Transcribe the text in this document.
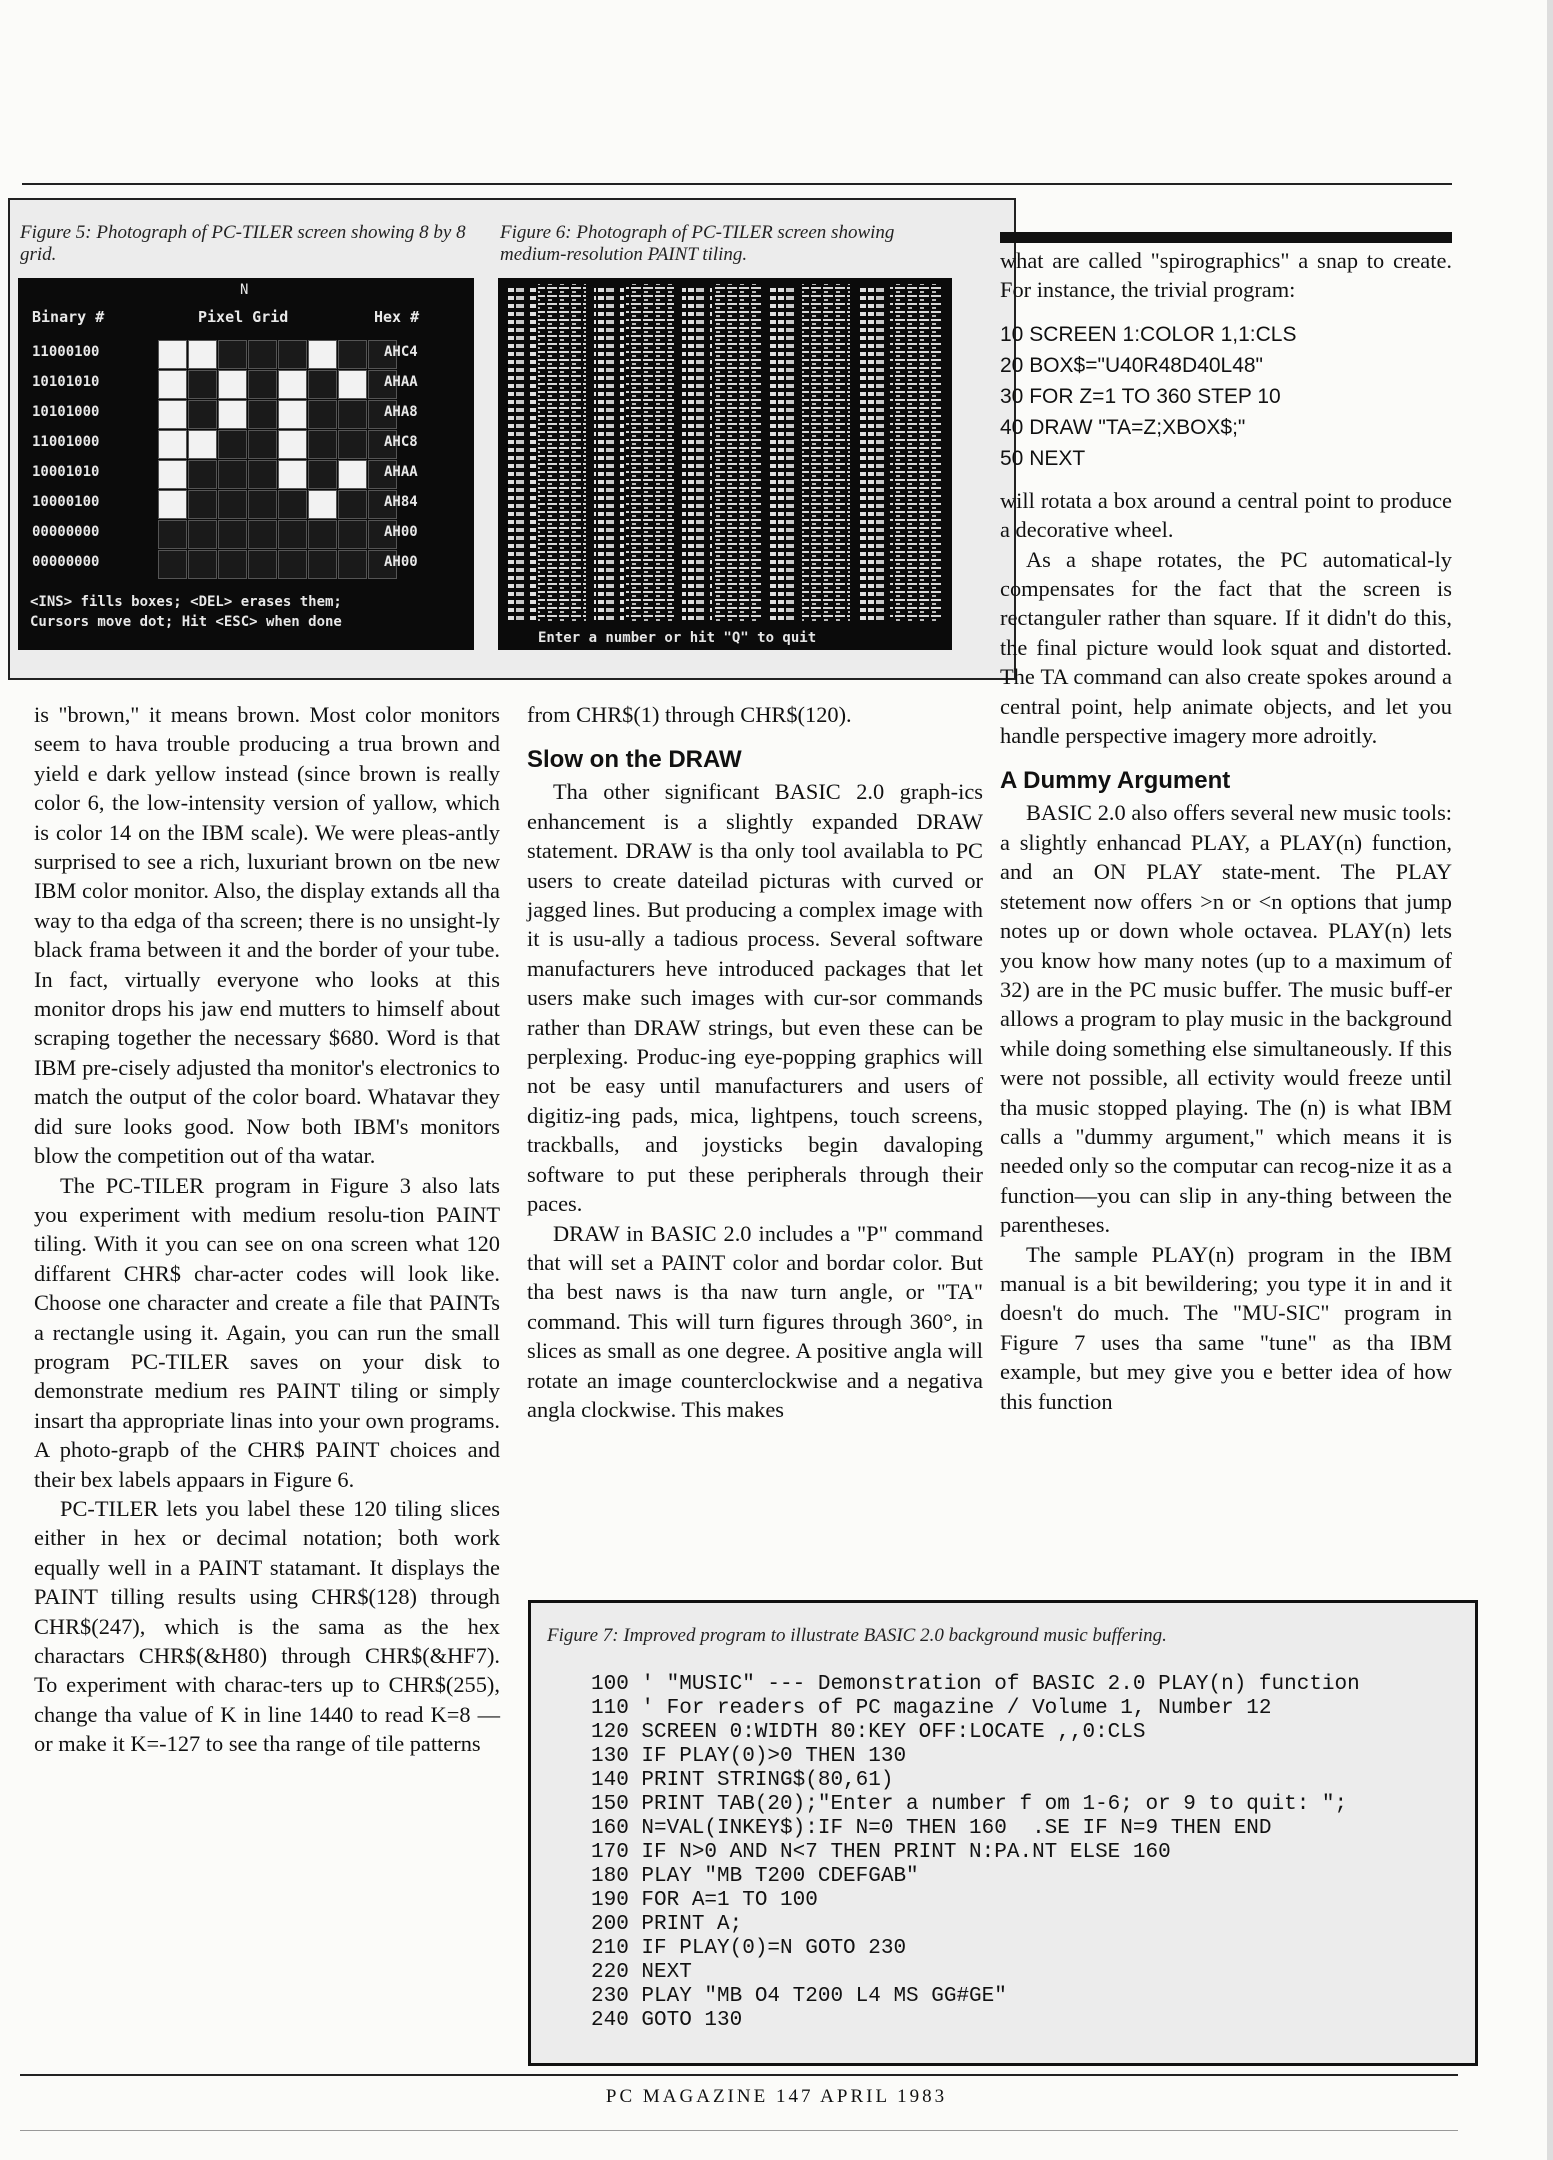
Figure 5: Photograph of PC-TILER screen showing 8 by 8 grid.
N
Binary #	Pixel Grid	Hex #
11000100
10101010
10101000
11001000
10001010
10000100
00000000
00000000
AHC4
AHAA
AHA8
AHC8
AHAA
AH84
AH00
AH00
<INS> fills boxes; <DEL> erases them;
Cursors move dot; Hit <ESC> when done
Figure 6: Photograph of PC-TILER screen showing medium-resolution PAINT tiling.
Enter a number or hit "Q" to quit

is "brown," it means brown. Most color monitors seem to hava trouble producing a trua brown and yield e dark yellow instead (since brown is really color 6, the low-intensity version of yallow, which is color 14 on the IBM scale). We were pleas-antly surprised to see a rich, luxuriant brown on tbe new IBM color monitor. Also, the display extands all tha way to tha edga of tha screen; there is no unsight-ly black frama between it and the border of your tube. In fact, virtually everyone who looks at this monitor drops his jaw end mutters to himself about scraping together the necessary $680. Word is that IBM pre-cisely adjusted tha monitor's electronics to match the output of the color board. Whatavar they did sure looks good. Now both IBM's monitors blow the competition out of tha watar.

The PC-TILER program in Figure 3 also lats you experiment with medium resolu-tion PAINT tiling. With it you can see on ona screen what 120 diffarent CHR$ char-acter codes will look like. Choose one character and create a file that PAINTs a rectangle using it. Again, you can run the small program PC-TILER saves on your disk to demonstrate medium res PAINT tiling or simply insart tha appropriate linas into your own programs. A photo-grapb of the CHR$ PAINT choices and their bex labels appaars in Figure 6.

PC-TILER lets you label these 120 tiling slices either in hex or decimal notation; both work equally well in a PAINT statamant. It displays the PAINT tilling results using CHR$(128) through CHR$(247), which is the sama as the hex charactars CHR$(&H80) through CHR$(&HF7). To experiment with charac-ters up to CHR$(255), change tha value of K in line 1440 to read K=8 —or make it K=-127 to see tha range of tile patterns

from CHR$(1) through CHR$(120).

Slow on the DRAW

Tha other significant BASIC 2.0 graph-ics enhancement is a slightly expanded DRAW statement. DRAW is tha only tool availabla to PC users to create dateilad picturas with curved or jagged lines. But producing a complex image with it is usu-ally a tadious process. Several software manufacturers heve introduced packages that let users make such images with cur-sor commands rather than DRAW strings, but even these can be perplexing. Produc-ing eye-popping graphics will not be easy until manufacturers and users of digitiz-ing pads, mica, lightpens, touch screens, trackballs, and joysticks begin davaloping software to put these peripherals through their paces.

DRAW in BASIC 2.0 includes a "P" command that will set a PAINT color and bordar color. But tha best naws is tha naw turn angle, or "TA" command. This will turn figures through 360°, in slices as small as one degree. A positive angla will rotate an image counterclockwise and a negativa angla clockwise. This makes

what are called "spirographics" a snap to create. For instance, the trivial program:

10 SCREEN 1:COLOR 1,1:CLS
20 BOX$="U40R48D40L48"
30 FOR Z=1 TO 360 STEP 10
40 DRAW "TA=Z;XBOX$;"
50 NEXT

will rotata a box around a central point to produce a decorative wheel.

As a shape rotates, the PC automatical-ly compensates for the fact that the screen is rectanguler rather than square. If it didn't do this, the final picture would look squat and distorted. The TA command can also create spokes around a central point, help animate objects, and let you handle perspective imagery more adroitly.

A Dummy Argument

BASIC 2.0 also offers several new music tools: a slightly enhancad PLAY, a PLAY(n) function, and an ON PLAY state-ment. The PLAY stetement now offers >n or <n options that jump notes up or down whole octavea. PLAY(n) lets you know how many notes (up to a maximum of 32) are in the PC music buffer. The music buff-er allows a program to play music in the background while doing something else simultaneously. If this were not possible, all ectivity would freeze until tha music stopped playing. The (n) is what IBM calls a "dummy argument," which means it is needed only so the computar can recog-nize it as a function—you can slip in any-thing between the parentheses.

The sample PLAY(n) program in the IBM manual is a bit bewildering; you type it in and it doesn't do much. The "MU-SIC" program in Figure 7 uses tha same "tune" as tha IBM example, but mey give you e better idea of how this function

Figure 7: Improved program to illustrate BASIC 2.0 background music buffering.
100 ' "MUSIC" --- Demonstration of BASIC 2.0 PLAY(n) function
110 ' For readers of PC magazine / Volume 1, Number 12
120 SCREEN 0:WIDTH 80:KEY OFF:LOCATE ,,0:CLS
130 IF PLAY(0)>0 THEN 130
140 PRINT STRING$(80,61)
150 PRINT TAB(20);"Enter a number f om 1-6; or 9 to quit: ";
160 N=VAL(INKEY$):IF N=0 THEN 160  .SE IF N=9 THEN END
170 IF N>0 AND N<7 THEN PRINT N:PA.NT ELSE 160
180 PLAY "MB T200 CDEFGAB"
190 FOR A=1 TO 100
200 PRINT A;
210 IF PLAY(0)=N GOTO 230
220 NEXT
230 PLAY "MB O4 T200 L4 MS GG#GE"
240 GOTO 130
PC MAGAZINE 147 APRIL 1983
